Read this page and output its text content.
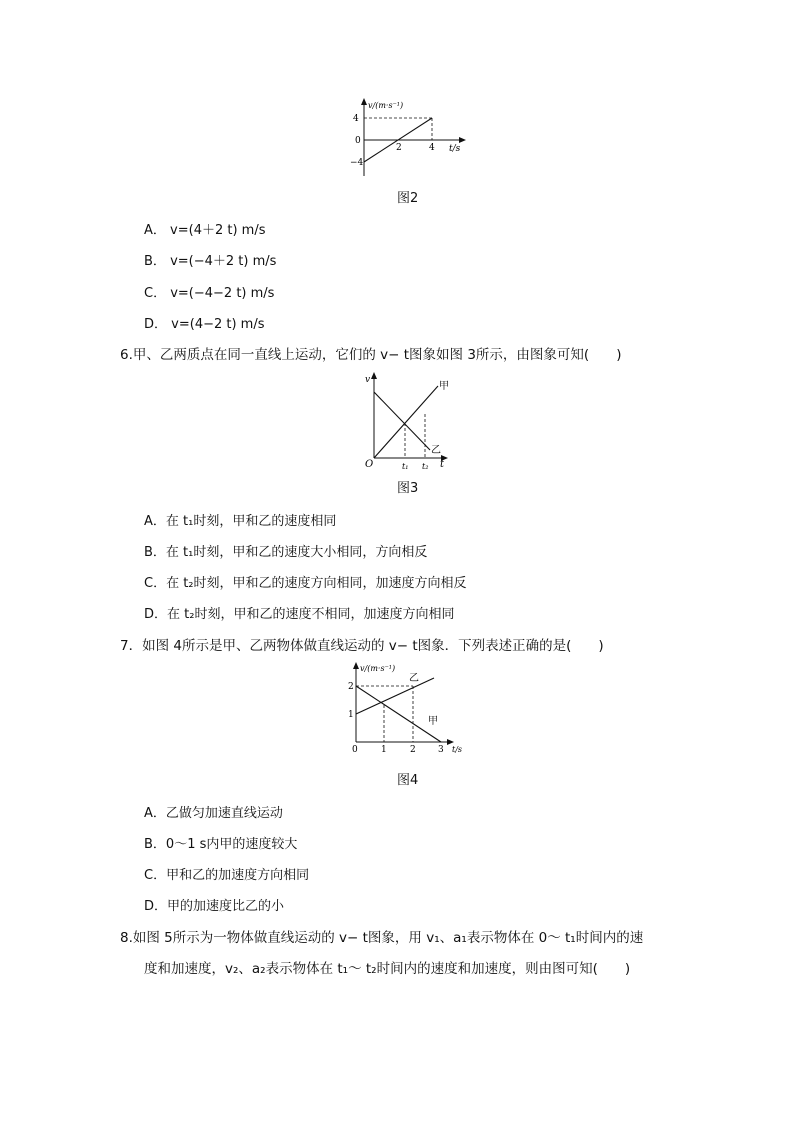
v/(m·s⁻¹)
4
0
−4
2	4 t/s
图2
A． v=(4＋2 t) m/s
B． v=(−4＋2 t) m/s
C． v=(−4−2 t) m/s
D． v=(4−2 t) m/s
6.甲、乙两质点在同一直线上运动，它们的 v− t图象如图 3所示，由图象可知(　　)
v
O	t₁ t₂ t
甲
乙
图3
A．在 t₁时刻，甲和乙的速度相同
B．在 t₁时刻，甲和乙的速度大小相同，方向相反
C．在 t₂时刻，甲和乙的速度方向相同，加速度方向相反
D．在 t₂时刻，甲和乙的速度不相同，加速度方向相同
7．如图 4所示是甲、乙两物体做直线运动的 v− t图象．下列表述正确的是(　　)
v/(m·s⁻¹)
2
1
0	1	2 3 t/s
乙
甲
图4
A．乙做匀加速直线运动
B．0～1 s内甲的速度较大
C．甲和乙的加速度方向相同
D．甲的加速度比乙的小
8.如图 5所示为一物体做直线运动的 v− t图象，用 v₁、a₁表示物体在 0～ t₁时间内的速
度和加速度，v₂、a₂表示物体在 t₁～ t₂时间内的速度和加速度，则由图可知(　　)
